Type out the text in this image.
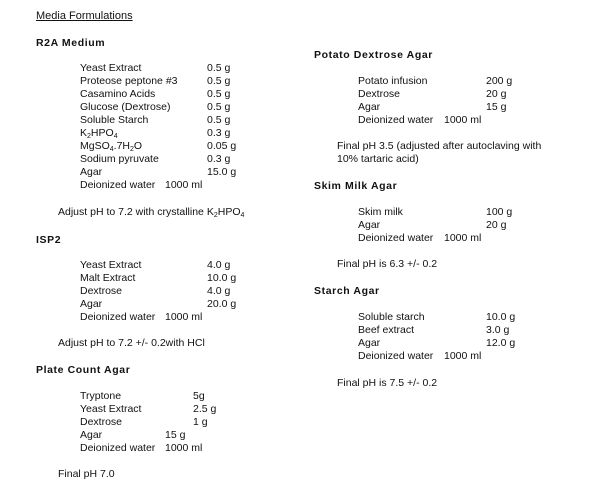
Media Formulations
R2A Medium
Yeast Extract	0.5 g
Proteose peptone #3	0.5 g
Casamino Acids	0.5 g
Glucose (Dextrose)	0.5 g
Soluble Starch	0.5 g
$K_2HPO_4$	0.3 g
$MgSO_4.7H_2O$	0.05 g
Sodium pyruvate	0.3 g
Agar	15.0 g
Deionized water 1000 ml
Adjust pH to 7.2 with crystalline $K_2HPO_4$
ISP2
Yeast Extract	4.0 g
Malt Extract	10.0 g
Dextrose	4.0 g
Agar	20.0 g
Deionized water 1000 ml
Adjust pH to 7.2 +/- 0.2with HCl
Plate Count Agar
Tryptone	5g
Yeast Extract	2.5 g
Dextrose	1 g
Agar	15 g
Deionized water 1000 ml
Final pH 7.0
Potato Dextrose Agar
Potato infusion	200 g
Dextrose	20 g
Agar	15 g
Deionized water 1000 ml
Final pH 3.5 (adjusted after autoclaving with 10% tartaric acid)
Skim Milk Agar
Skim milk	100 g
Agar	20 g
Deionized water 1000 ml
Final pH is 6.3 +/- 0.2
Starch Agar
Soluble starch	10.0 g
Beef extract	3.0 g
Agar	12.0 g
Deionized water 1000 ml
Final pH is 7.5 +/- 0.2
